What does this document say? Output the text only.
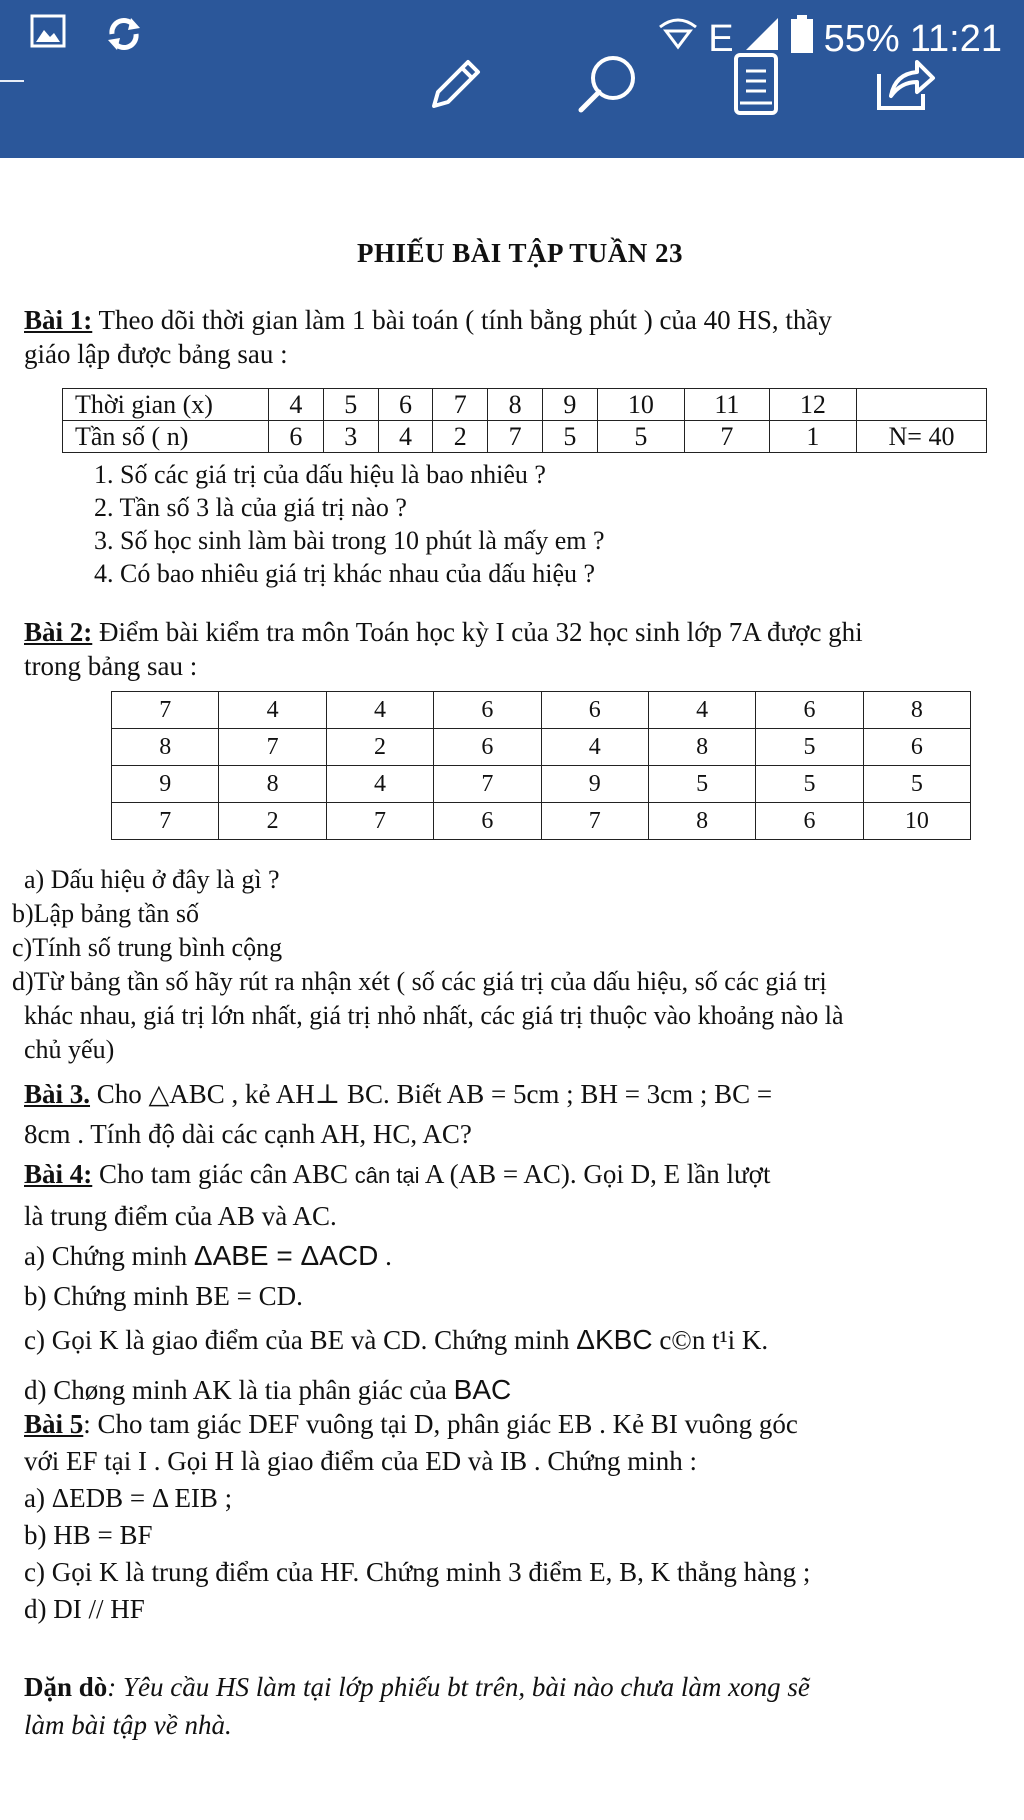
E 55% 11:21
PHIẾU BÀI TẬP TUẦN 23
Bài 1: Theo dõi thời gian làm 1 bài toán ( tính bằng phút ) của 40 HS, thầy
giáo lập được bảng sau :
Thời gian (x)	4	5	6	7	8	9	10	11	12	
Tần số ( n)	6	3	4	2	7	5	5	7	1	N= 40
1. Số các giá trị của dấu hiệu là bao nhiêu ?
2. Tần số 3 là của giá trị nào ?
3. Số học sinh làm bài trong 10 phút là mấy em ?
4. Có bao nhiêu giá trị khác nhau của dấu hiệu ?
Bài 2: Điểm bài kiểm tra môn Toán học kỳ I của 32 học sinh lớp 7A được ghi
trong bảng sau :
7	4	4	6	6	4	6	8
8	7	2	6	4	8	5	6
9	8	4	7	9	5	5	5
7	2	7	6	7	8	6	10
a) Dấu hiệu ở đây là gì ?
b)Lập bảng tần số
c)Tính số trung bình cộng
d)Từ bảng tần số hãy rút ra nhận xét ( số các giá trị của dấu hiệu, số các giá trị
khác nhau, giá trị lớn nhất, giá trị nhỏ nhất, các giá trị thuộc vào khoảng nào là
chủ yếu)
Bài 3. Cho △ABC , kẻ AH⊥ BC. Biết AB = 5cm ; BH = 3cm ; BC =
8cm . Tính độ dài các cạnh AH, HC, AC?
Bài 4: Cho tam giác cân ABC cân tại A (AB = AC). Gọi D, E lần lượt
là trung điểm của AB và AC.
a) Chứng minh ΔABE = ΔACD .
b) Chứng minh BE = CD.
c) Gọi K là giao điểm của BE và CD. Chứng minh ΔKBC c©n t¹i K.
d) Chøng minh AK là tia phân giác của BAC
Bài 5: Cho tam giác DEF vuông tại D, phân giác EB . Kẻ BI vuông góc
với EF tại I . Gọi H là giao điểm của ED và IB . Chứng minh :
a) ΔEDB = Δ EIB ;
b) HB = BF
c) Gọi K là trung điểm của HF. Chứng minh 3 điểm E, B, K thẳng hàng ;
d) DI // HF
Dặn dò: Yêu cầu HS làm tại lớp phiếu bt trên, bài nào chưa làm xong sẽ
làm bài tập về nhà.
